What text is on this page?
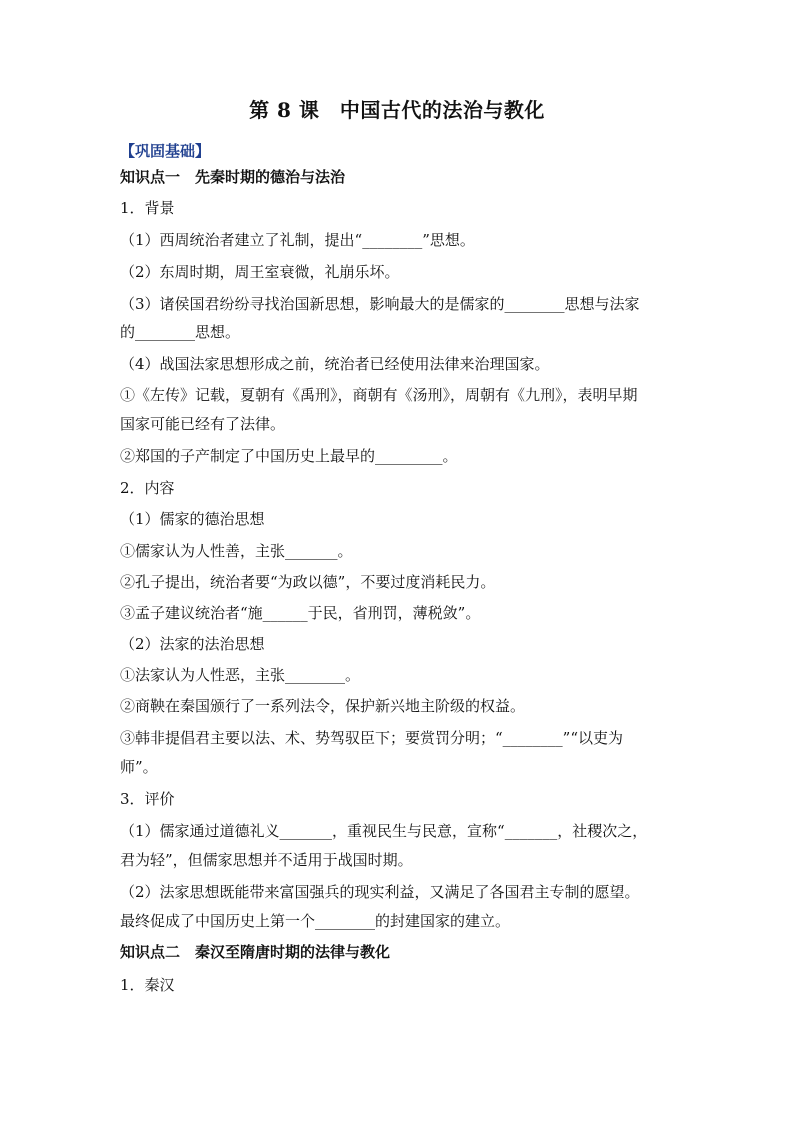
第 8 课　中国古代的法治与教化
【巩固基础】
知识点一　先秦时期的德治与法治
1．背景
（1）西周统治者建立了礼制，提出“________”思想。
（2）东周时期，周王室衰微，礼崩乐坏。
（3）诸侯国君纷纷寻找治国新思想，影响最大的是儒家的________思想与法家
的________思想。
（4）战国法家思想形成之前，统治者已经使用法律来治理国家。
①《左传》记载，夏朝有《禹刑》，商朝有《汤刑》，周朝有《九刑》，表明早期
国家可能已经有了法律。
②郑国的子产制定了中国历史上最早的_________。
2．内容
（1）儒家的德治思想
①儒家认为人性善，主张_______。
②孔子提出，统治者要“为政以德”，不要过度消耗民力。
③孟子建议统治者“施______于民，省刑罚，薄税敛”。
（2）法家的法治思想
①法家认为人性恶，主张________。
②商鞅在秦国颁行了一系列法令，保护新兴地主阶级的权益。
③韩非提倡君主要以法、术、势驾驭臣下；要赏罚分明；“________”“以吏为
师”。
3．评价
（1）儒家通过道德礼义_______，重视民生与民意，宣称“_______，社稷次之，
君为轻”，但儒家思想并不适用于战国时期。
（2）法家思想既能带来富国强兵的现实利益，又满足了各国君主专制的愿望。
最终促成了中国历史上第一个________的封建国家的建立。
知识点二　秦汉至隋唐时期的法律与教化
1．秦汉
